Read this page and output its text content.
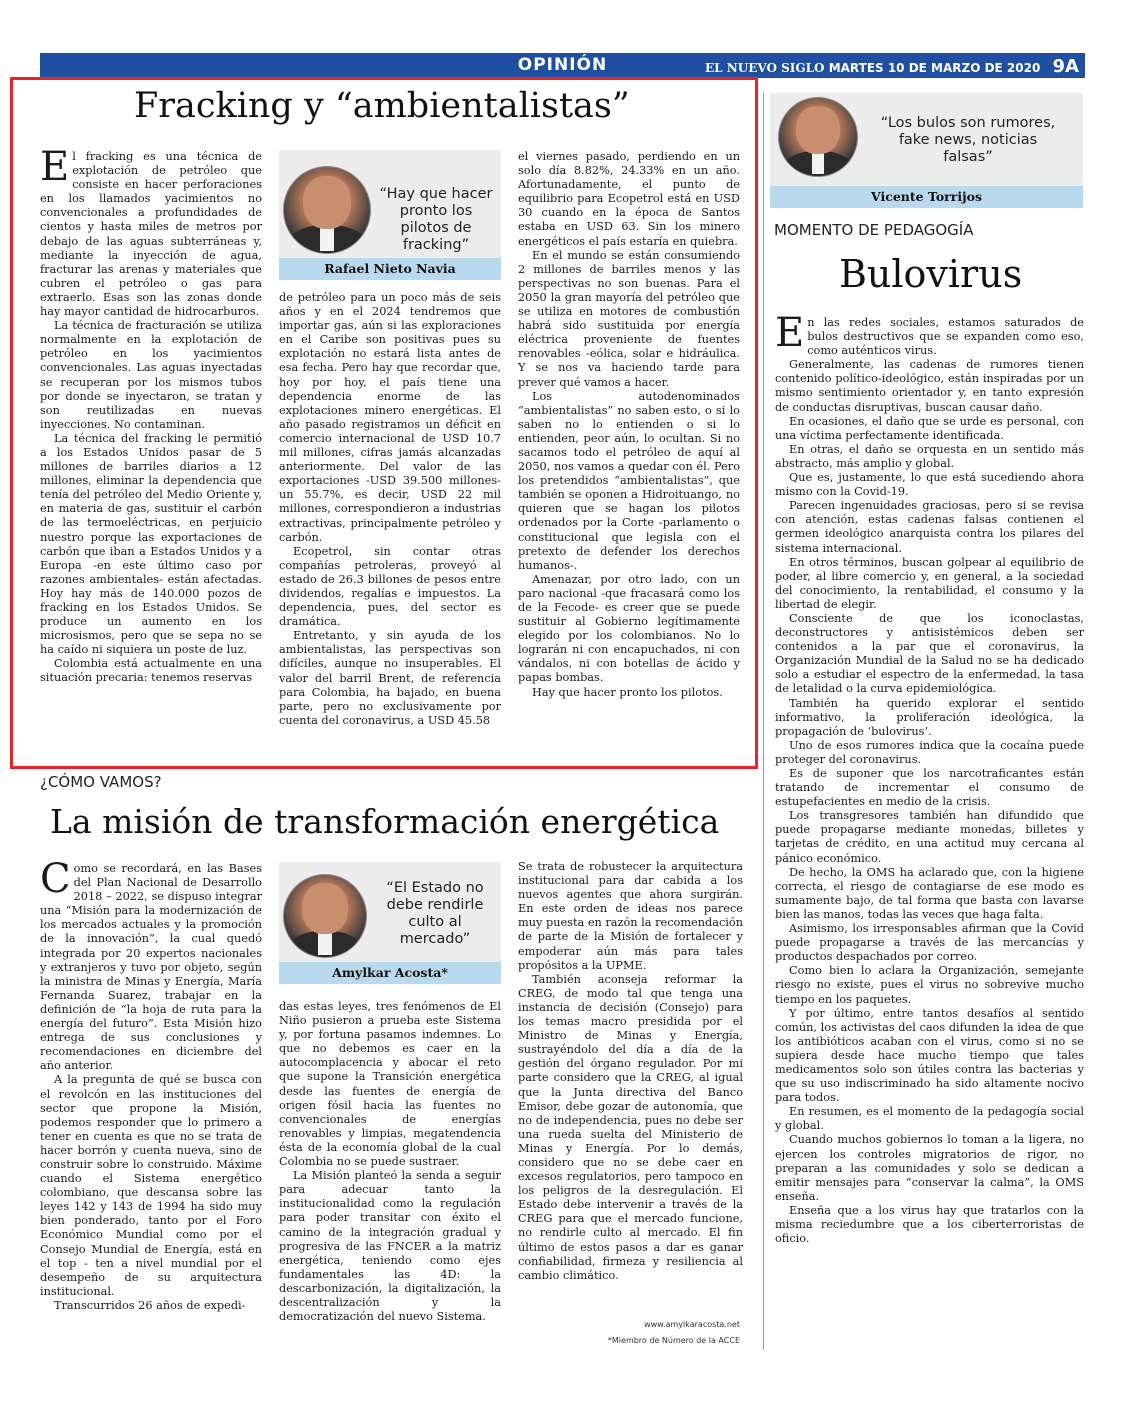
OPINIÓN	EL NUEVO SIGLO MARTES 10 DE MARZO DE 2020 9A
Fracking y “ambientalistas”

El fracking es una técnica de explotación de petróleo que consiste en hacer perforaciones en los llamados yacimientos no convencionales a profundidades de cientos y hasta miles de metros por debajo de las aguas subterráneas y, mediante la inyección de agua, fracturar las arenas y materiales que cubren el petróleo o gas para extraerlo. Esas son las zonas donde hay mayor cantidad de hidrocarburos.

La técnica de fracturación se utiliza normalmente en la explotación de petróleo en los yacimientos convencionales. Las aguas inyectadas se recuperan por los mismos tubos por donde se inyectaron, se tratan y son reutilizadas en nuevas inyecciones. No contaminan.

La técnica del fracking le permitió a los Estados Unidos pasar de 5 millones de barriles diarios a 12 millones, eliminar la dependencia que tenía del petróleo del Medio Oriente y, en materia de gas, sustituir el carbón de las termoeléctricas, en perjuicio nuestro porque las exportaciones de carbón que iban a Estados Unidos y a Europa -en este último caso por razones ambientales- están afectadas. Hoy hay más de 140.000 pozos de fracking en los Estados Unidos. Se produce un aumento en los microsismos, pero que se sepa no se ha caído ni siquiera un poste de luz.

Colombia está actualmente en una situación precaria: tenemos reservas

“Hay que hacer pronto los pilotos de fracking”
Rafael Nieto Navia

de petróleo para un poco más de seis años y en el 2024 tendremos que importar gas, aún si las exploraciones en el Caribe son positivas pues su explotación no estará lista antes de esa fecha. Pero hay que recordar que, hoy por hoy, el país tiene una dependencia enorme de las explotaciones minero energéticas. El año pasado registramos un déficit en comercio internacional de USD 10.7 mil millones, cifras jamás alcanzadas anteriormente. Del valor de las exportaciones -USD 39.500 millones- un 55.7%, es decir, USD 22 mil millones, correspondieron a industrias extractivas, principalmente petróleo y carbón.

Ecopetrol, sin contar otras compañías petroleras, proveyó al estado de 26.3 billones de pesos entre dividendos, regalías e impuestos. La dependencia, pues, del sector es dramática.

Entretanto, y sin ayuda de los ambientalistas, las perspectivas son difíciles, aunque no insuperables. El valor del barril Brent, de referencia para Colombia, ha bajado, en buena parte, pero no exclusivamente por cuenta del coronavirus, a USD 45.58

el viernes pasado, perdiendo en un solo día 8.82%, 24.33% en un año. Afortunadamente, el punto de equilibrio para Ecopetrol está en USD 30 cuando en la época de Santos estaba en USD 63. Sin los minero energéticos el país estaría en quiebra.

En el mundo se están consumiendo 2 millones de barriles menos y las perspectivas no son buenas. Para el 2050 la gran mayoría del petróleo que se utiliza en motores de combustión habrá sido sustituida por energía eléctrica proveniente de fuentes renovables -eólica, solar e hidráulica. Y se nos va haciendo tarde para prever qué vamos a hacer.

Los autodenominados “ambientalistas” no saben esto, o si lo saben no lo entienden o si lo entienden, peor aún, lo ocultan. Si no sacamos todo el petróleo de aquí al 2050, nos vamos a quedar con él. Pero los pretendidos “ambientalistas”, que también se oponen a Hidroituango, no quieren que se hagan los pilotos ordenados por la Corte -parlamento o constitucional que legisla con el pretexto de defender los derechos humanos-.

Amenazar, por otro lado, con un paro nacional -que fracasará como los de la Fecode- es creer que se puede sustituir al Gobierno legítimamente elegido por los colombianos. No lo lograrán ni con encapuchados, ni con vándalos, ni con botellas de ácido y papas bombas.

Hay que hacer pronto los pilotos.

¿CÓMO VAMOS?
La misión de transformación energética

Como se recordará, en las Bases del Plan Nacional de Desarrollo 2018 – 2022, se dispuso integrar una “Misión para la modernización de los mercados actuales y la promoción de la innovación”, la cual quedó integrada por 20 expertos nacionales y extranjeros y tuvo por objeto, según la ministra de Minas y Energía, María Fernanda Suarez, trabajar en la definición de “la hoja de ruta para la energía del futuro”. Esta Misión hizo entrega de sus conclusiones y recomendaciones en diciembre del año anterior.

A la pregunta de qué se busca con el revolcón en las instituciones del sector que propone la Misión, podemos responder que lo primero a tener en cuenta es que no se trata de hacer borrón y cuenta nueva, sino de construir sobre lo construido. Máxime cuando el Sistema energético colombiano, que descansa sobre las leyes 142 y 143 de 1994 ha sido muy bien ponderado, tanto por el Foro Económico Mundial como por el Consejo Mundial de Energía, está en el top - ten a nivel mundial por el desempeño de su arquitectura institucional.

Transcurridos 26 años de expedi-

“El Estado no debe rendirle culto al mercado”
Amylkar Acosta*

das estas leyes, tres fenómenos de El Niño pusieron a prueba este Sistema y, por fortuna pasamos indemnes. Lo que no debemos es caer en la autocomplacencia y abocar el reto que supone la Transición energética desde las fuentes de energía de origen fósil hacia las fuentes no convencionales de energías renovables y limpias, megatendencia ésta de la economía global de la cual Colombia no se puede sustraer.

La Misión planteó la senda a seguir para adecuar tanto la institucionalidad como la regulación para poder transitar con éxito el camino de la integración gradual y progresiva de las FNCER a la matriz energética, teniendo como ejes fundamentales las 4D: la descarbonización, la digitalización, la descentralización y la democratización del nuevo Sistema.

Se trata de robustecer la arquitectura institucional para dar cabida a los nuevos agentes que ahora surgirán. En este orden de ideas nos parece muy puesta en razón la recomendación de parte de la Misión de fortalecer y empoderar aún más para tales propósitos a la UPME.

También aconseja reformar la CREG, de modo tal que tenga una instancia de decisión (Consejo) para los temas macro presidida por el Ministro de Minas y Energía, sustrayéndolo del día a día de la gestión del órgano regulador. Por mi parte considero que la CREG, al igual que la Junta directiva del Banco Emisor, debe gozar de autonomía, que no de independencia, pues no debe ser una rueda suelta del Ministerio de Minas y Energía. Por lo demás, considero que no se debe caer en excesos regulatorios, pero tampoco en los peligros de la desregulación. El Estado debe intervenir a través de la CREG para que el mercado funcione, no rendirle culto al mercado. El fin último de estos pasos a dar es ganar confiabilidad, firmeza y resiliencia al cambio climático.

www.amylkaracosta.net
*Miembro de Número de la ACCE
“Los bulos son rumores, fake news, noticias falsas”
Vicente Torrijos
MOMENTO DE PEDAGOGÍA
Bulovirus

En las redes sociales, estamos saturados de bulos destructivos que se expanden como eso, como auténticos virus.

Generalmente, las cadenas de rumores tienen contenido político-ideológico, están inspiradas por un mismo sentimiento orientador y, en tanto expresión de conductas disruptivas, buscan causar daño.

En ocasiones, el daño que se urde es personal, con una víctima perfectamente identificada.

En otras, el daño se orquesta en un sentido más abstracto, más amplio y global.

Que es, justamente, lo que está sucediendo ahora mismo con la Covid-19.

Parecen ingenuidades graciosas, pero si se revisa con atención, estas cadenas falsas contienen el germen ideológico anarquista contra los pilares del sistema internacional.

En otros términos, buscan golpear al equilibrio de poder, al libre comercio y, en general, a la sociedad del conocimiento, la rentabilidad, el consumo y la libertad de elegir.

Consciente de que los iconoclastas, deconstructores y antisistémicos deben ser contenidos a la par que el coronavirus, la Organización Mundial de la Salud no se ha dedicado solo a estudiar el espectro de la enfermedad, la tasa de letalidad o la curva epidemiológica.

También ha querido explorar el sentido informativo, la proliferación ideológica, la propagación de ‘bulovirus’.

Uno de esos rumores indica que la cocaína puede proteger del coronavirus.

Es de suponer que los narcotraficantes están tratando de incrementar el consumo de estupefacientes en medio de la crisis.

Los transgresores también han difundido que puede propagarse mediante monedas, billetes y tarjetas de crédito, en una actitud muy cercana al pánico económico.

De hecho, la OMS ha aclarado que, con la higiene correcta, el riesgo de contagiarse de ese modo es sumamente bajo, de tal forma que basta con lavarse bien las manos, todas las veces que haga falta.

Asimismo, los irresponsables afirman que la Covid puede propagarse a través de las mercancías y productos despachados por correo.

Como bien lo aclara la Organización, semejante riesgo no existe, pues el virus no sobrevive mucho tiempo en los paquetes.

Y por último, entre tantos desafíos al sentido común, los activistas del caos difunden la idea de que los antibióticos acaban con el virus, como si no se supiera desde hace mucho tiempo que tales medicamentos solo son útiles contra las bacterias y que su uso indiscriminado ha sido altamente nocivo para todos.

En resumen, es el momento de la pedagogía social y global.

Cuando muchos gobiernos lo toman a la ligera, no ejercen los controles migratorios de rigor, no preparan a las comunidades y solo se dedican a emitir mensajes para “conservar la calma”, la OMS enseña.

Enseña que a los virus hay que tratarlos con la misma reciedumbre que a los ciberterroristas de oficio.
